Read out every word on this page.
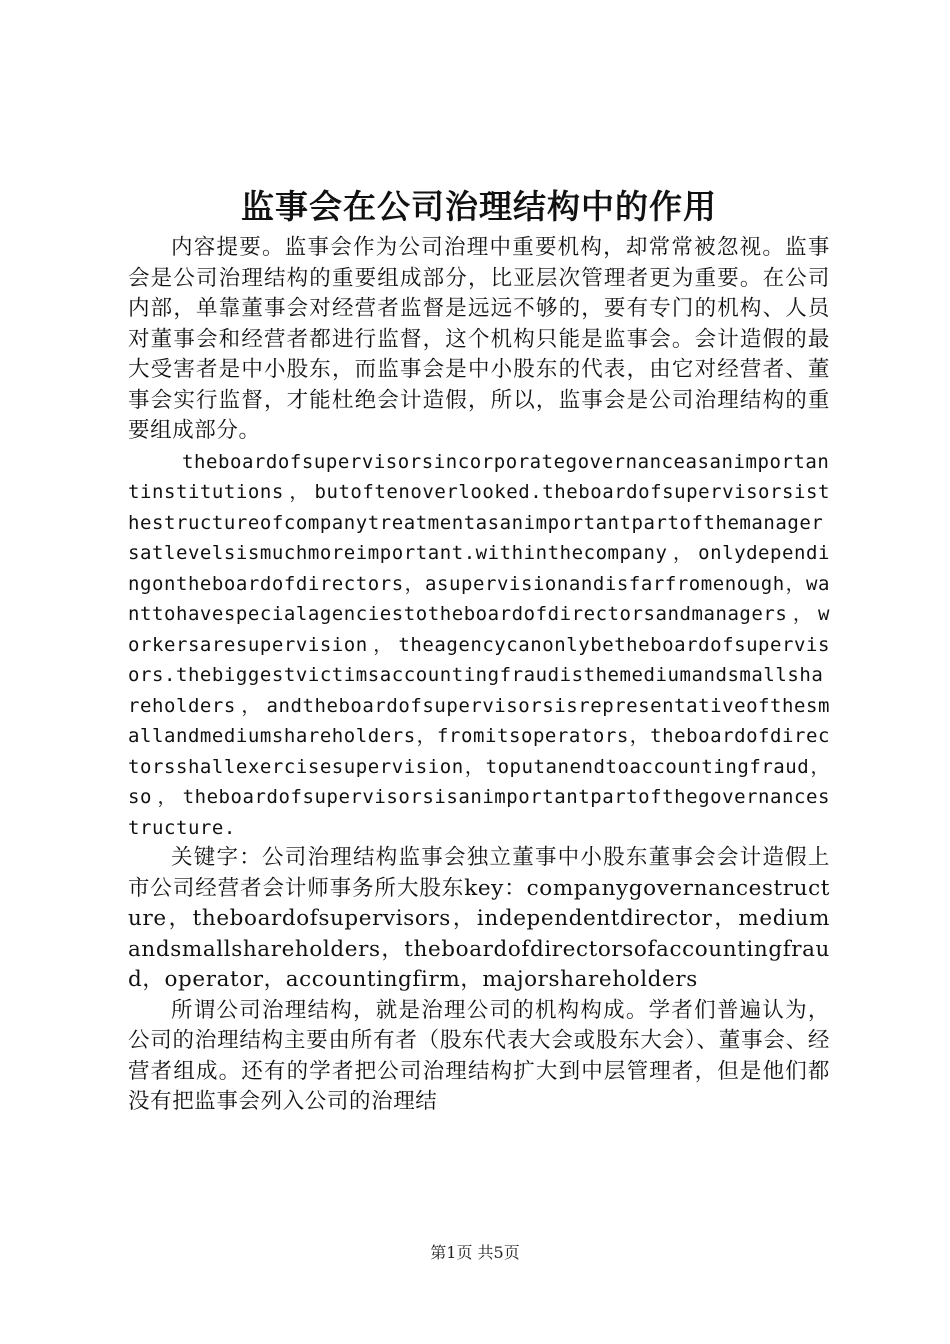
监事会在公司治理结构中的作用

内容提要。监事会作为公司治理中重要机构，却常常被忽视。监事会是公司治理结构的重要组成部分，比亚层次管理者更为重要。在公司内部，单靠董事会对经营者监督是远远不够的，要有专门的机构、人员对董事会和经营者都进行监督，这个机构只能是监事会。会计造假的最大受害者是中小股东，而监事会是中小股东的代表，由它对经营者、董事会实行监督，才能杜绝会计造假，所以，监事会是公司治理结构的重要组成部分。

theboardofsupervisorsincorporategovernanceasanimportantinstitutions，butoftenoverlooked.theboardofsupervisorsisthestructureofcompanytreatmentasanimportantpartofthemanagersatlevelsismuchmoreimportant.withinthecompany，onlydependingontheboardofdirectors，asupervisionandisfarfromenough，wanttohavespecialagenciestotheboardofdirectorsandmanagers，workersaresupervision，theagencycanonlybetheboardofsupervisors.thebiggestvictimsaccountingfraudisthemediumandsmallshareholders，andtheboardofsupervisorsisrepresentativeofthesmallandmediumshareholders，fromitsoperators，theboardofdirectorsshallexercisesupervision，toputanendtoaccountingfraud，so，theboardofsupervisorsisanimportantpartofthegovernancestructure.

关键字：公司治理结构监事会独立董事中小股东董事会会计造假上市公司经营者会计师事务所大股东key：companygovernancestructure，theboardofsupervisors，independentdirector，mediumandsmallshareholders，theboardofdirectorsofaccountingfraud，operator，accountingfirm，majorshareholders

所谓公司治理结构，就是治理公司的机构构成。学者们普遍认为，公司的治理结构主要由所有者（股东代表大会或股东大会）、董事会、经营者组成。还有的学者把公司治理结构扩大到中层管理者，但是他们都没有把监事会列入公司的治理结

第1页 共5页
